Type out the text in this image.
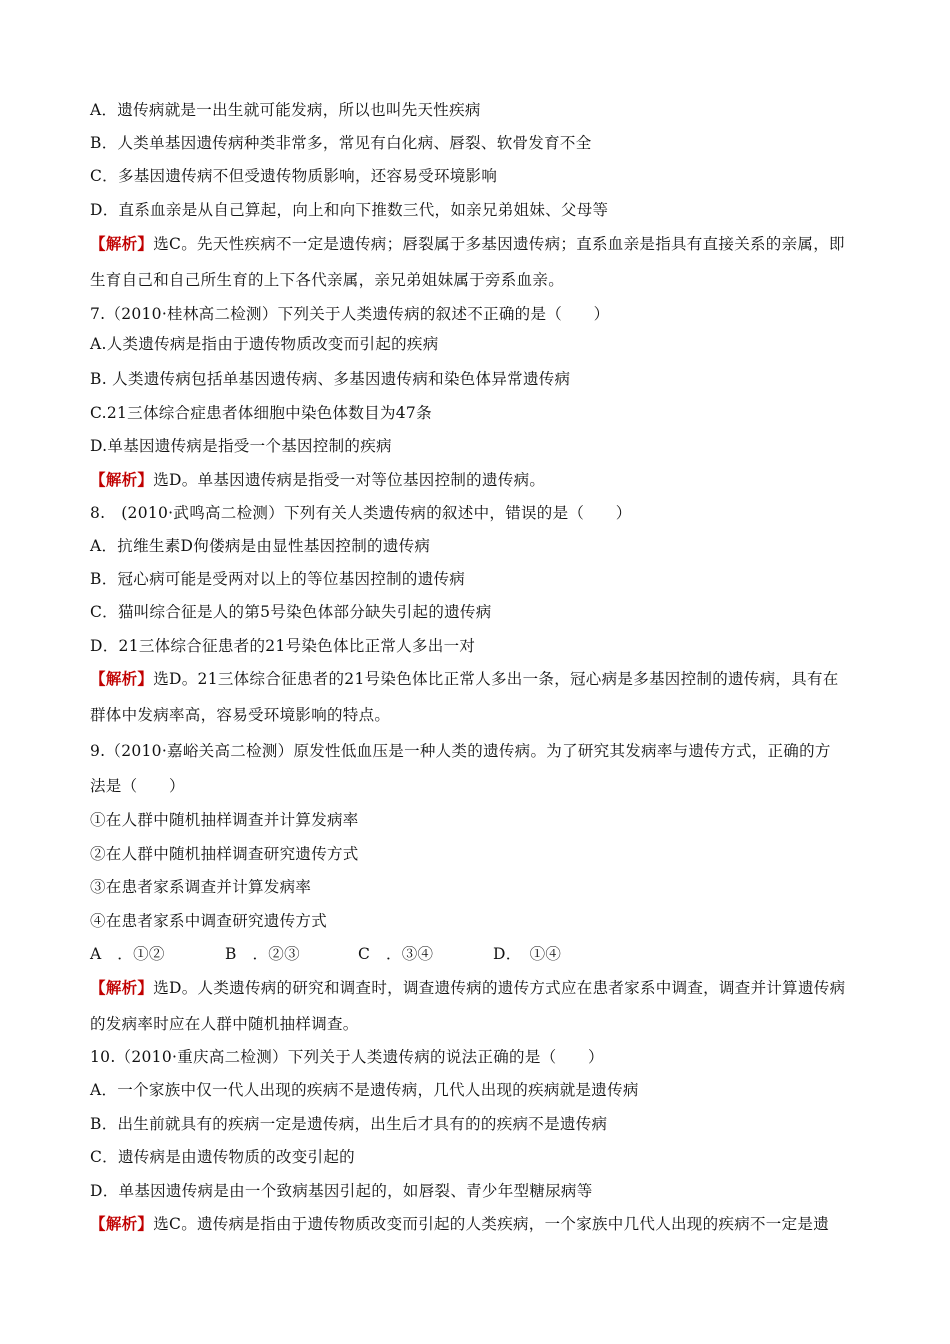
A．遗传病就是一出生就可能发病，所以也叫先天性疾病
B．人类单基因遗传病种类非常多，常见有白化病、唇裂、软骨发育不全
C．多基因遗传病不但受遗传物质影响，还容易受环境影响
D．直系血亲是从自己算起，向上和向下推数三代，如亲兄弟姐妹、父母等
【解析】选C。先天性疾病不一定是遗传病；唇裂属于多基因遗传病；直系血亲是指具有直接关系的亲属，即
生育自己和自己所生育的上下各代亲属，亲兄弟姐妹属于旁系血亲。
7.（2010·桂林高二检测）下列关于人类遗传病的叙述不正确的是（　　）
A.人类遗传病是指由于遗传物质改变而引起的疾病
B. 人类遗传病包括单基因遗传病、多基因遗传病和染色体异常遗传病
C.21三体综合症患者体细胞中染色体数目为47条
D.单基因遗传病是指受一个基因控制的疾病
【解析】选D。单基因遗传病是指受一对等位基因控制的遗传病。
8.　(2010·武鸣高二检测）下列有关人类遗传病的叙述中，错误的是（　　）
A．抗维生素D佝偻病是由显性基因控制的遗传病
B．冠心病可能是受两对以上的等位基因控制的遗传病
C．猫叫综合征是人的第5号染色体部分缺失引起的遗传病
D．21三体综合征患者的21号染色体比正常人多出一对
【解析】选D。21三体综合征患者的21号染色体比正常人多出一条，冠心病是多基因控制的遗传病，具有在
群体中发病率高，容易受环境影响的特点。
9.（2010·嘉峪关高二检测）原发性低血压是一种人类的遗传病。为了研究其发病率与遗传方式，正确的方
法是（　　）
①在人群中随机抽样调查并计算发病率
②在人群中随机抽样调查研究遗传方式
③在患者家系调查并计算发病率
④在患者家系中调查研究遗传方式
A　．①②	B　．②③	C　．③④	D．　①④
【解析】选D。人类遗传病的研究和调查时，调查遗传病的遗传方式应在患者家系中调查，调查并计算遗传病
的发病率时应在人群中随机抽样调查。
10.（2010·重庆高二检测）下列关于人类遗传病的说法正确的是（　　）
A．一个家族中仅一代人出现的疾病不是遗传病，几代人出现的疾病就是遗传病
B．出生前就具有的疾病一定是遗传病，出生后才具有的的疾病不是遗传病
C．遗传病是由遗传物质的改变引起的
D．单基因遗传病是由一个致病基因引起的，如唇裂、青少年型糖尿病等
【解析】选C。遗传病是指由于遗传物质改变而引起的人类疾病，一个家族中几代人出现的疾病不一定是遗
